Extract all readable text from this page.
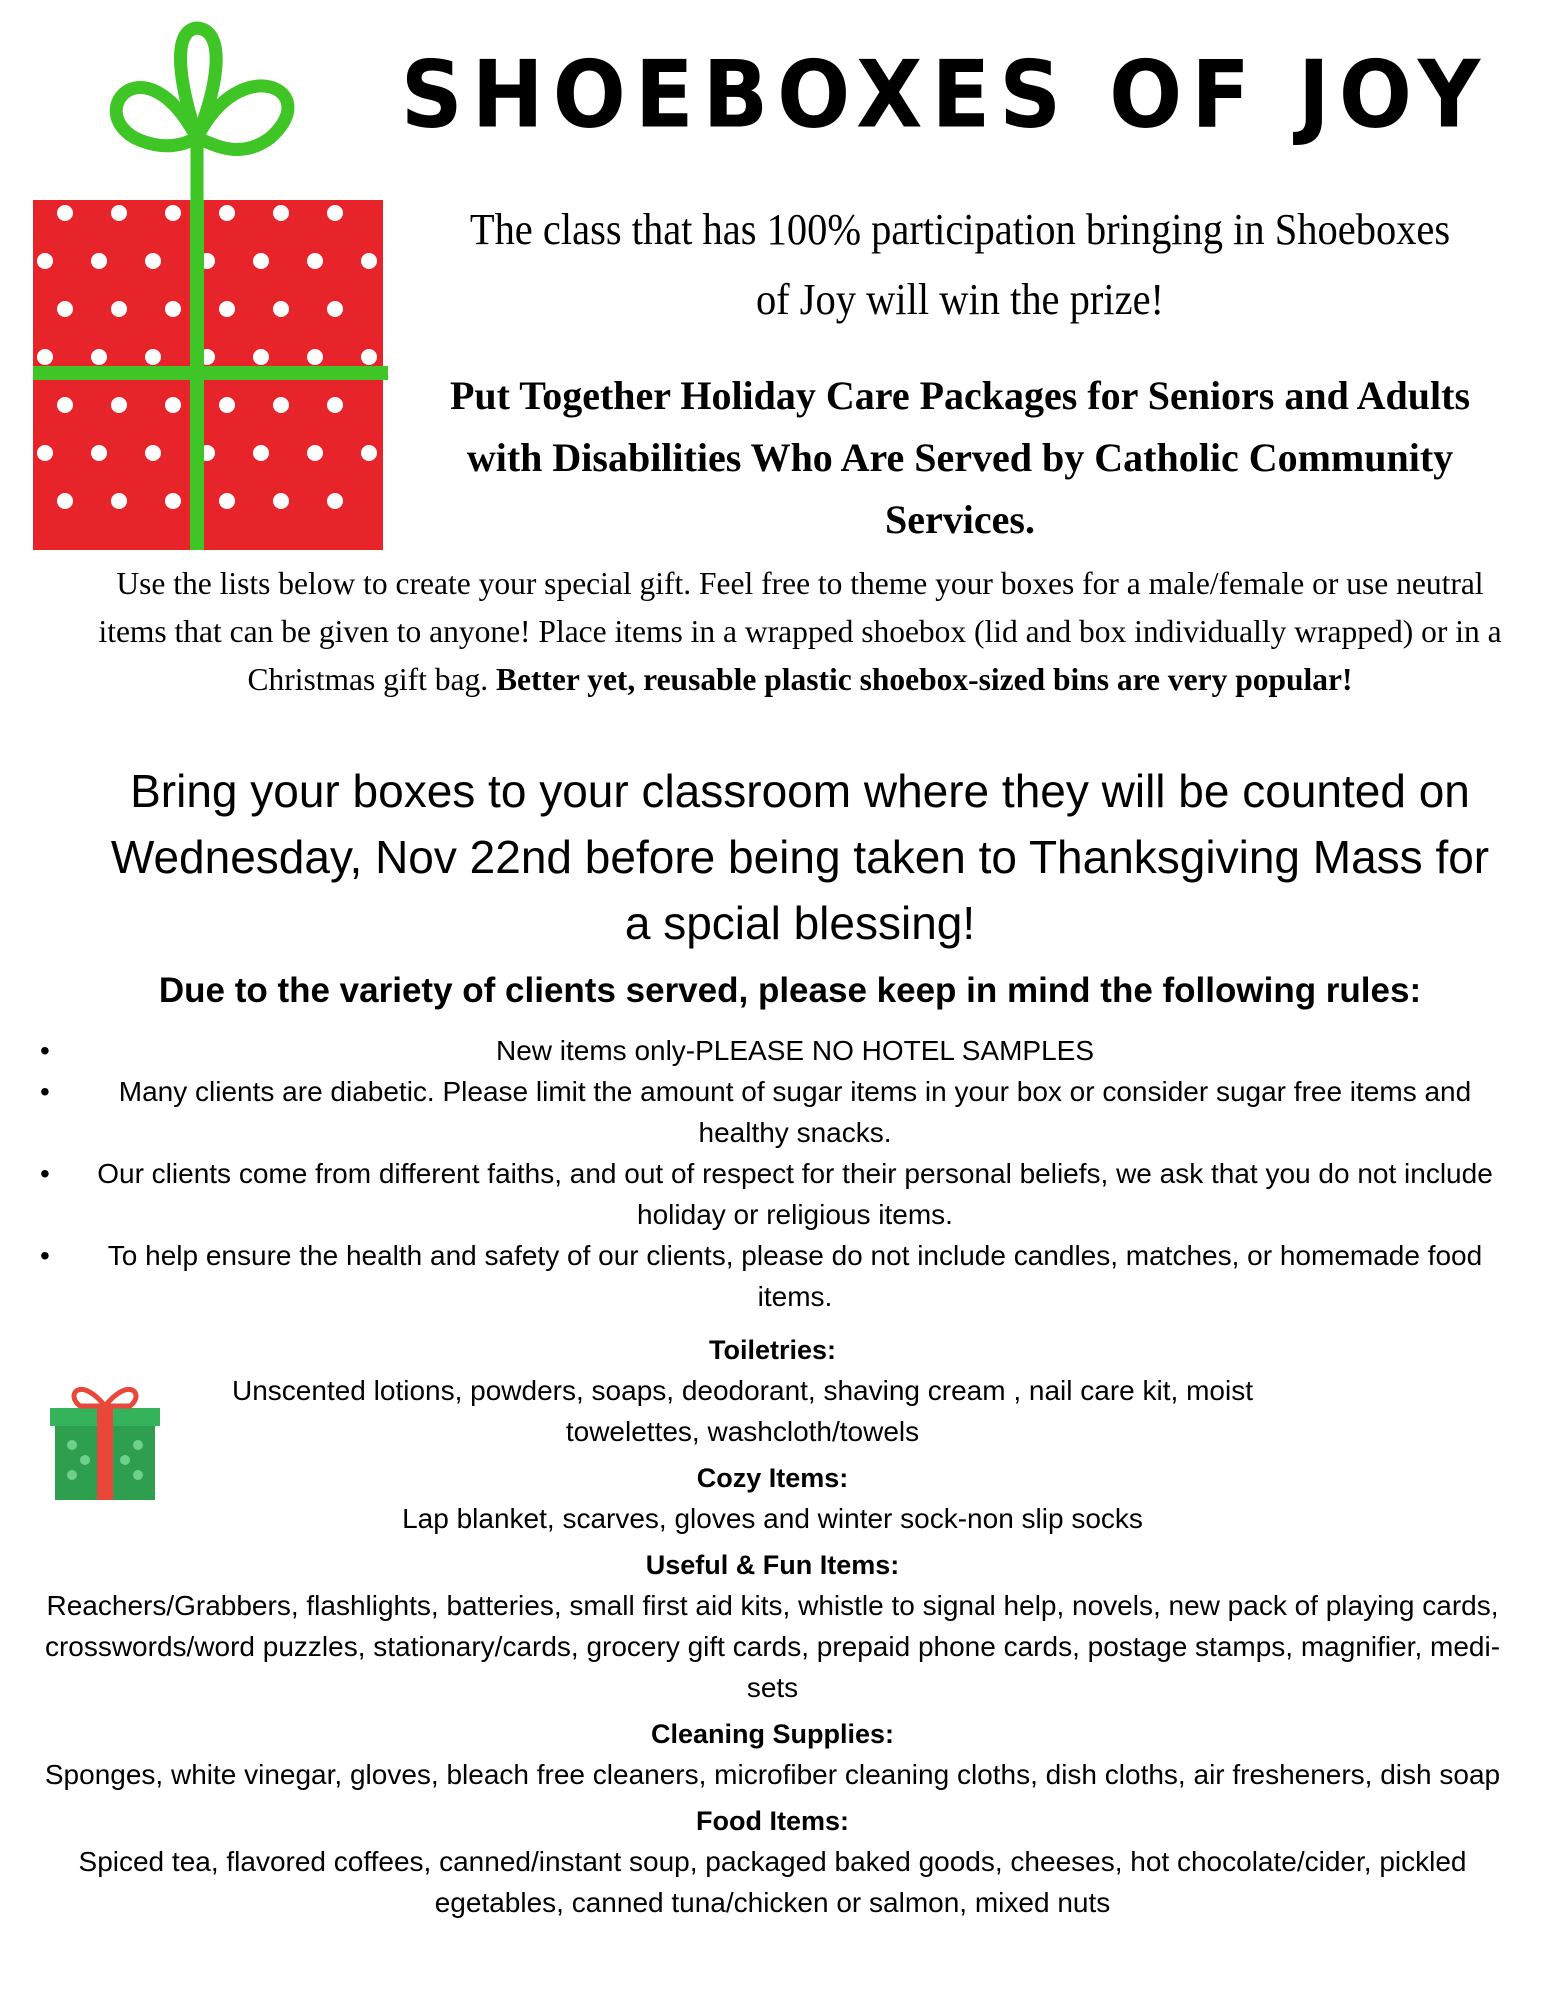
SHOEBOXES OF JOY
The class that has 100% participation bringing in Shoeboxes of Joy will win the prize!
Put Together Holiday Care Packages for Seniors and Adults with Disabilities Who Are Served by Catholic Community Services.
Use the lists below to create your special gift. Feel free to theme your boxes for a male/female or use neutral items that can be given to anyone! Place items in a wrapped shoebox (lid and box individually wrapped) or in a Christmas gift bag. Better yet, reusable plastic shoebox-sized bins are very popular!
Bring your boxes to your classroom where they will be counted on Wednesday, Nov 22nd before being taken to Thanksgiving Mass for a spcial blessing!
Due to the variety of clients served, please keep in mind the following rules:
•	New items only-PLEASE NO HOTEL SAMPLES
• Many clients are diabetic. Please limit the amount of sugar items in your box or consider sugar free items and healthy snacks.
• Our clients come from different faiths, and out of respect for their personal beliefs, we ask that you do not include holiday or religious items.
• To help ensure the health and safety of our clients, please do not include candles, matches, or homemade food items.
Toiletries:
Unscented lotions, powders, soaps, deodorant, shaving cream , nail care kit, moist towelettes, washcloth/towels
Cozy Items:
Lap blanket, scarves, gloves and winter sock-non slip socks
Useful & Fun Items:
Reachers/Grabbers, flashlights, batteries, small first aid kits, whistle to signal help, novels, new pack of playing cards, crosswords/word puzzles, stationary/cards, grocery gift cards, prepaid phone cards, postage stamps, magnifier, medi-sets
Cleaning Supplies:
Sponges, white vinegar, gloves, bleach free cleaners, microfiber cleaning cloths, dish cloths, air fresheners, dish soap
Food Items:
Spiced tea, flavored coffees, canned/instant soup, packaged baked goods, cheeses, hot chocolate/cider, pickled egetables, canned tuna/chicken or salmon, mixed nuts
